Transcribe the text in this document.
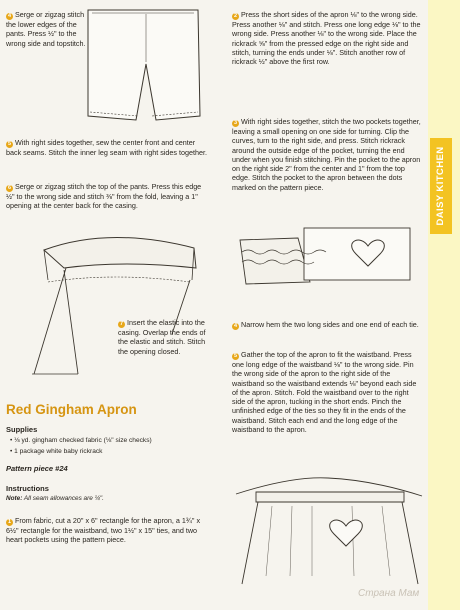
DAISY KITCHEN
4 Serge or zigzag stitch the lower edges of the pants. Press ½" to the wrong side and topstitch.
5 With right sides together, sew the center front and center back seams. Stitch the inner leg seam with right sides together.
6 Serge or zigzag stitch the top of the pants. Press this edge ½" to the wrong side and stitch ⅜" from the fold, leaving a 1" opening at the center back for the casing.
7 Insert the elastic into the casing. Overlap the ends of the elastic and stitch. Stitch the opening closed.
Red Gingham Apron
Supplies
• ⅛ yd. gingham checked fabric (⅛" size checks)
• 1 package white baby rickrack
Pattern piece #24
Instructions
Note: All seam allowances are ¼".
1 From fabric, cut a 20" x 6" rectangle for the apron, a 1¾" x 6½" rectangle for the waistband, two 1½" x 15" ties, and two heart pockets using the pattern piece.
2 Press the short sides of the apron ⅛" to the wrong side. Press another ⅛" and stitch. Press one long edge ⅛" to the wrong side. Press another ⅛" to the wrong side. Place the rickrack ⅝" from the pressed edge on the right side and stitch, turning the ends under ⅛". Stitch another row of rickrack ½" above the first row.
3 With right sides together, stitch the two pockets together, leaving a small opening on one side for turning. Clip the curves, turn to the right side, and press. Stitch rickrack around the outside edge of the pocket, turning the end under when you finish stitching. Pin the pocket to the apron on the right side 2" from the center and 1" from the top edge. Stitch the pocket to the apron between the dots marked on the pattern piece.
4 Narrow hem the two long sides and one end of each tie.
5 Gather the top of the apron to fit the waistband. Press one long edge of the waistband ⅛" to the wrong side. Pin the wrong side of the apron to the right side of the waistband so the waistband extends ⅛" beyond each side of the apron. Stitch. Fold the waistband over to the right side of the apron, tucking in the short ends. Pinch the unfinished edge of the ties so they fit in the ends of the waistband. Stitch each end and the long edge of the waistband to the apron.
Страна Мам
